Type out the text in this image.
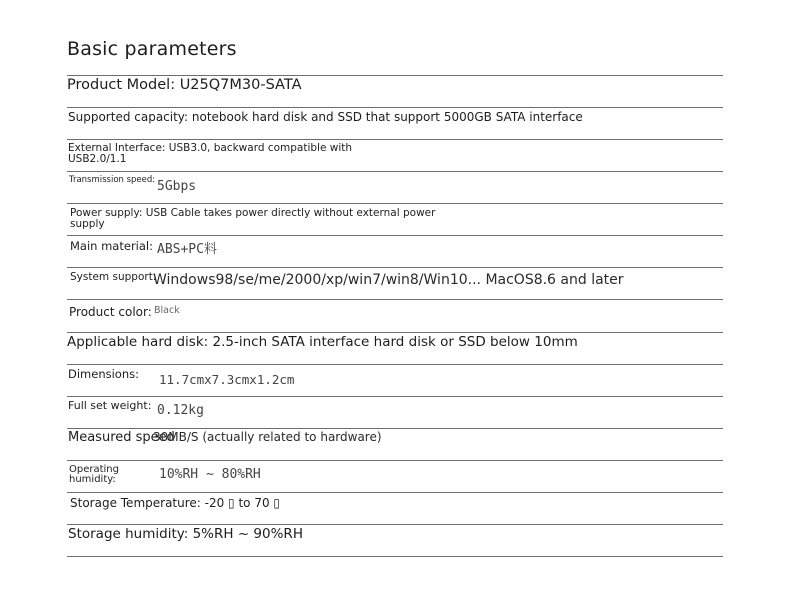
Basic parameters
Product Model: U25Q7M30-SATA
Supported capacity: notebook hard disk and SSD that support 5000GB SATA interface
External Interface: USB3.0, backward compatible with
USB2.0/1.1
Transmission speed: 5Gbps
Power supply: USB Cable takes power directly without external power
supply
Main material: ABS+PC料
System support:
Windows98/se/me/2000/xp/win7/win8/Win10... MacOS8.6 and later
Product color: Black
Applicable hard disk: 2.5-inch SATA interface hard disk or SSD below 10mm
Dimensions: 11.7cmx7.3cmx1.2cm
Full set weight: 0.12kg
Measured speed
30MB/S (actually related to hardware)
Operating
humidity:	10%RH ~ 80%RH
Storage Temperature: -20 ▯ to 70 ▯
Storage humidity: 5%RH ~ 90%RH
